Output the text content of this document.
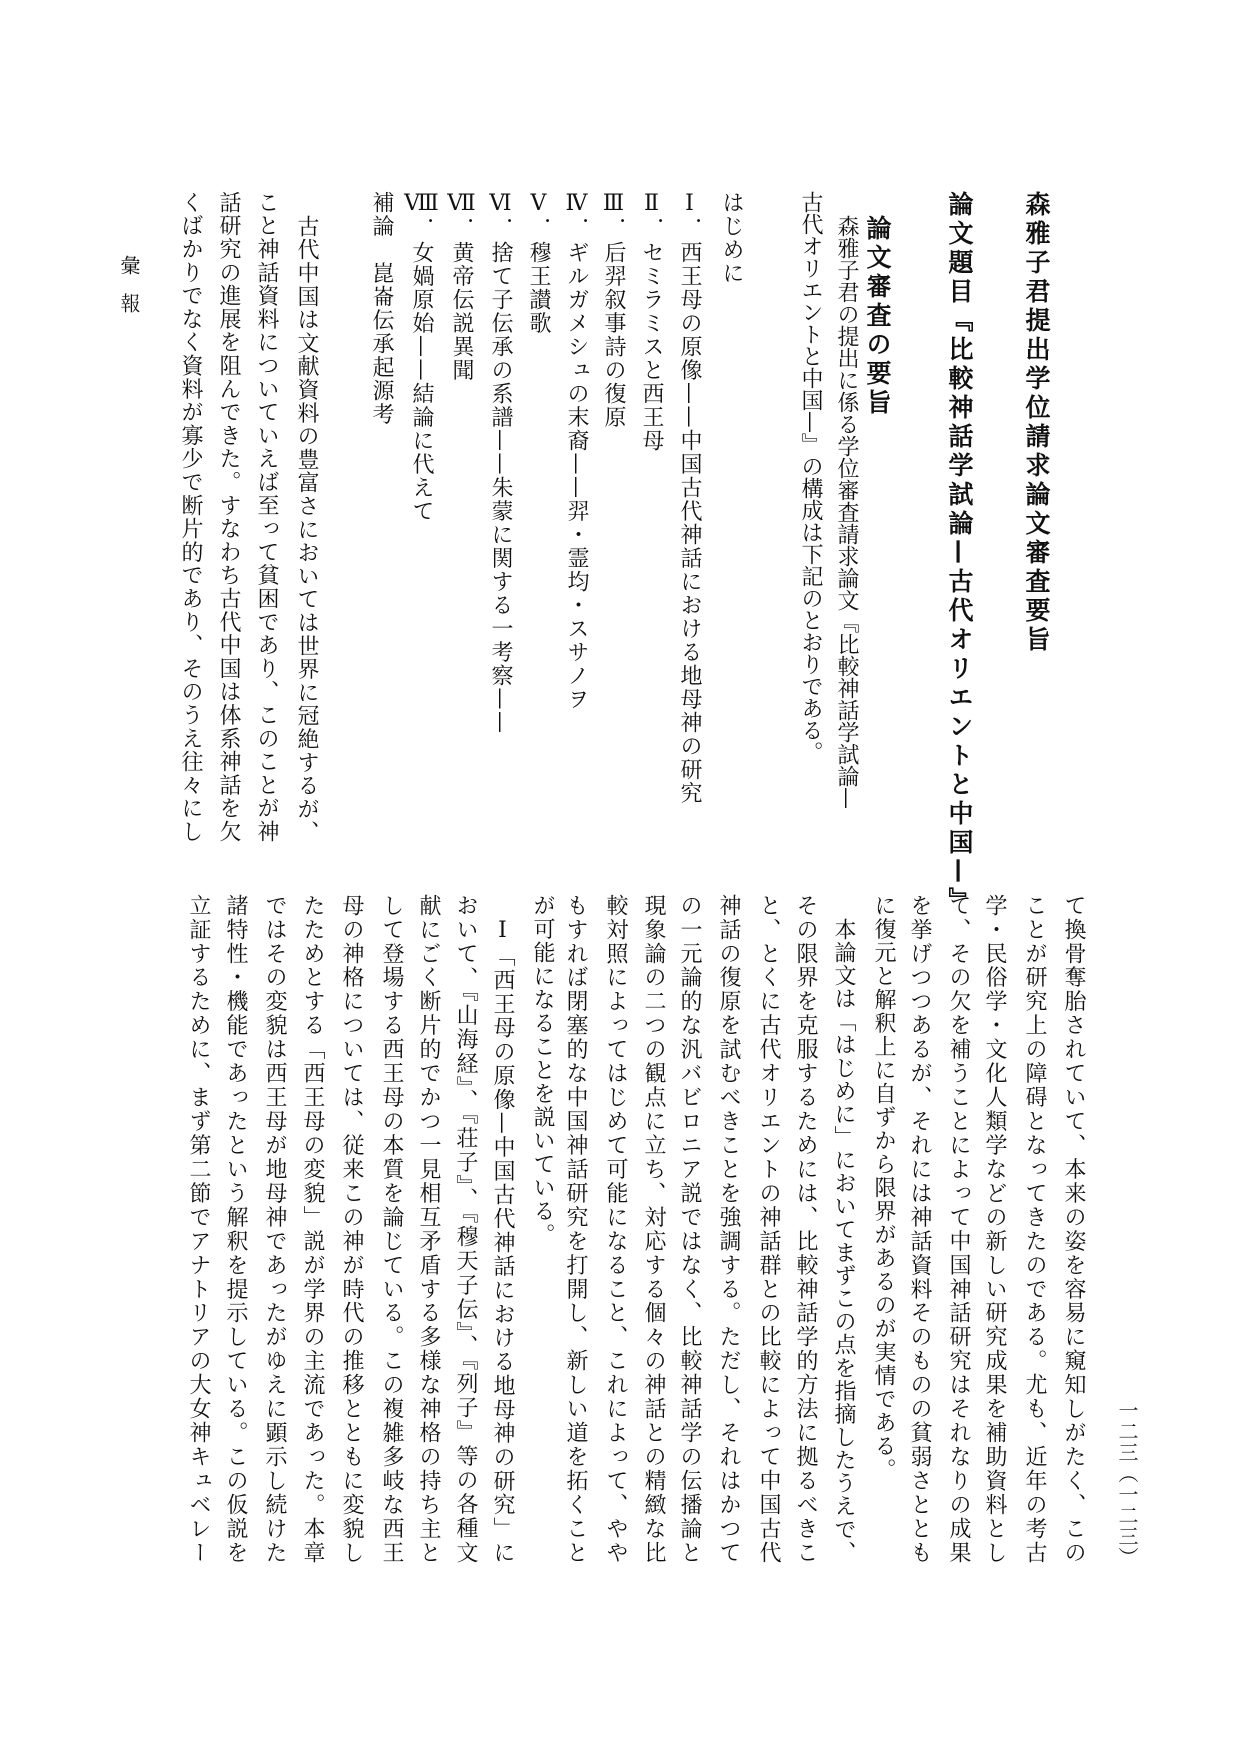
彙報
一二三（一二三）
森雅子君提出学位請求論文審査要旨
論文題目『比較神話学試論—古代オリエントと中国—』
論文審査の要旨
森雅子君の提出に係る学位審査請求論文『比較神話学試論—
古代オリエントと中国—』の構成は下記のとおりである。
はじめに
Ⅰ．西王母の原像——中国古代神話における地母神の研究
Ⅱ．セミラミスと西王母
Ⅲ．后羿叙事詩の復原
Ⅳ．ギルガメシュの末裔——羿・霊均・スサノヲ
Ⅴ．穆王讃歌
Ⅵ．捨て子伝承の系譜——朱蒙に関する一考察——
Ⅶ．黄帝伝説異聞
Ⅷ．女媧原始——結論に代えて
補論　崑崙伝承起源考
古代中国は文献資料の豊富さにおいては世界に冠絶するが、
こと神話資料についていえば至って貧困であり、このことが神
話研究の進展を阻んできた。すなわち古代中国は体系神話を欠
くばかりでなく資料が寡少で断片的であり、そのうえ往々にし
て換骨奪胎されていて、本来の姿を容易に窺知しがたく、この
ことが研究上の障碍となってきたのである。尤も、近年の考古
学・民俗学・文化人類学などの新しい研究成果を補助資料とし
て、その欠を補うことによって中国神話研究はそれなりの成果
を挙げつつあるが、それには神話資料そのものの貧弱さととも
に復元と解釈上に自ずから限界があるのが実情である。
本論文は「はじめに」においてまずこの点を指摘したうえで、
その限界を克服するためには、比較神話学的方法に拠るべきこ
と、とくに古代オリエントの神話群との比較によって中国古代
神話の復原を試むべきことを強調する。ただし、それはかつて
の一元論的な汎バビロニア説ではなく、比較神話学の伝播論と
現象論の二つの観点に立ち、対応する個々の神話との精緻な比
較対照によってはじめて可能になること、これによって、やや
もすれば閉塞的な中国神話研究を打開し、新しい道を拓くこと
が可能になることを説いている。
Ⅰ「西王母の原像—中国古代神話における地母神の研究」に
おいて、『山海経』、『荘子』、『穆天子伝』、『列子』等の各種文
献にごく断片的でかつ一見相互矛盾する多様な神格の持ち主と
して登場する西王母の本質を論じている。この複雑多岐な西王
母の神格については、従来この神が時代の推移とともに変貌し
たためとする「西王母の変貌」説が学界の主流であった。本章
ではその変貌は西王母が地母神であったがゆえに顕示し続けた
諸特性・機能であったという解釈を提示している。この仮説を
立証するために、まず第二節でアナトリアの大女神キュベレー
